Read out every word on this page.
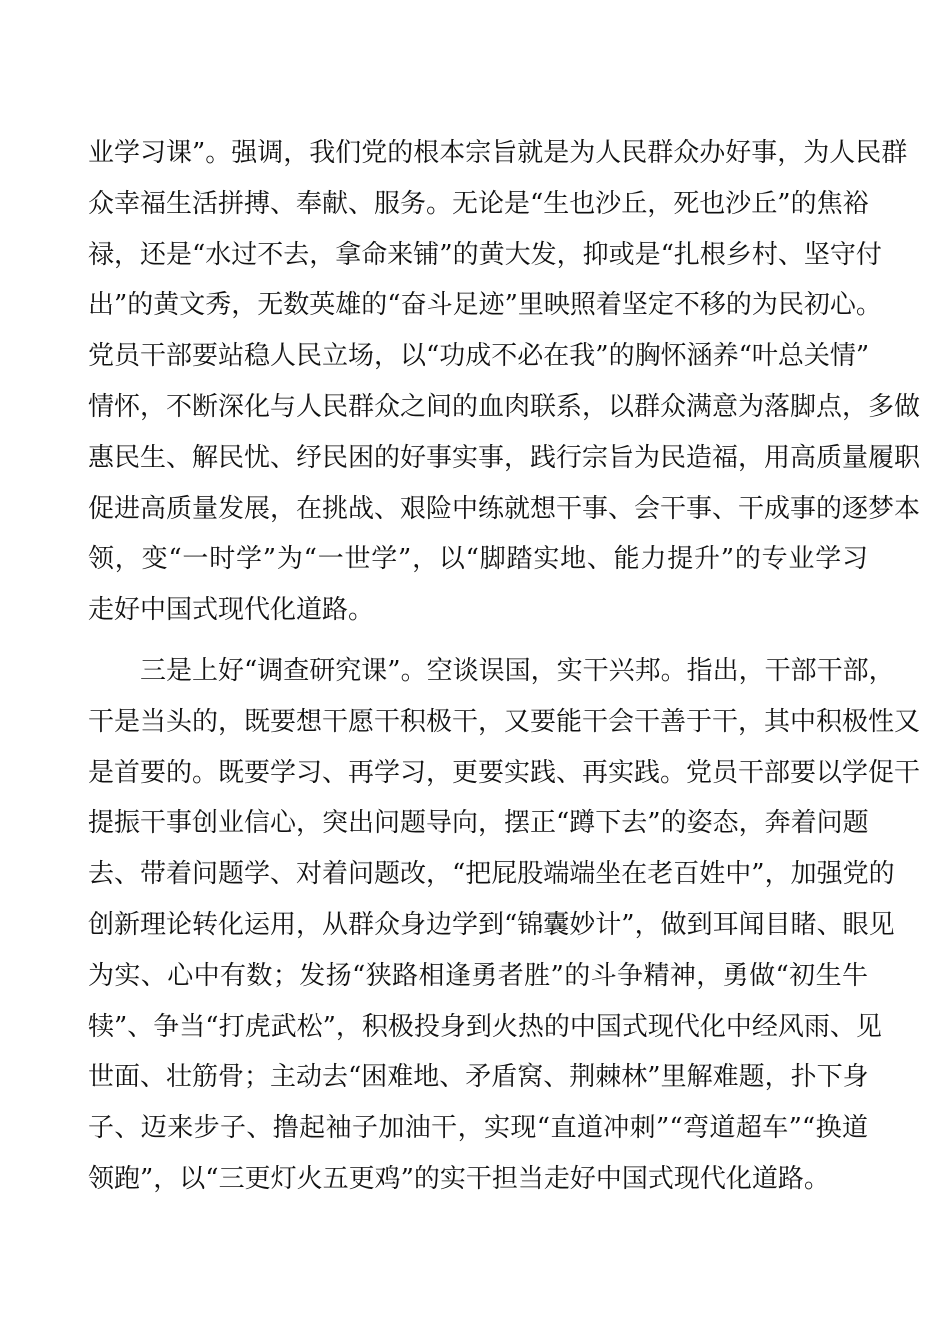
业学习课”。强调，我们党的根本宗旨就是为人民群众办好事，为人民群
众幸福生活拼搏、奉献、服务。无论是“生也沙丘，死也沙丘”的焦裕
禄，还是“水过不去，拿命来铺”的黄大发，抑或是“扎根乡村、坚守付
出”的黄文秀，无数英雄的“奋斗足迹”里映照着坚定不移的为民初心。
党员干部要站稳人民立场，以“功成不必在我”的胸怀涵养“叶总关情”
情怀，不断深化与人民群众之间的血肉联系，以群众满意为落脚点，多做
惠民生、解民忧、纾民困的好事实事，践行宗旨为民造福，用高质量履职
促进高质量发展，在挑战、艰险中练就想干事、会干事、干成事的逐梦本
领，变“一时学”为“一世学”，以“脚踏实地、能力提升”的专业学习
走好中国式现代化道路。
三是上好“调查研究课”。空谈误国，实干兴邦。指出，干部干部，
干是当头的，既要想干愿干积极干，又要能干会干善于干，其中积极性又
是首要的。既要学习、再学习，更要实践、再实践。党员干部要以学促干
提振干事创业信心，突出问题导向，摆正“蹲下去”的姿态，奔着问题
去、带着问题学、对着问题改，“把屁股端端坐在老百姓中”，加强党的
创新理论转化运用，从群众身边学到“锦囊妙计”，做到耳闻目睹、眼见
为实、心中有数；发扬“狭路相逢勇者胜”的斗争精神，勇做“初生牛
犊”、争当“打虎武松”，积极投身到火热的中国式现代化中经风雨、见
世面、壮筋骨；主动去“困难地、矛盾窝、荆棘林”里解难题，扑下身
子、迈来步子、撸起袖子加油干，实现“直道冲刺”“弯道超车”“换道
领跑”，以“三更灯火五更鸡”的实干担当走好中国式现代化道路。
